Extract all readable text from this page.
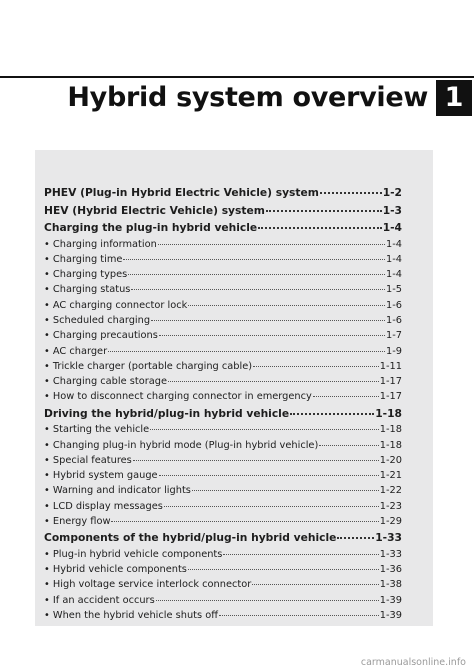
Hybrid system overview 1
PHEV (Plug-in Hybrid Electric Vehicle) system	1-2
HEV (Hybrid Electric Vehicle) system	1-3
Charging the plug-in hybrid vehicle	1-4
• Charging information	1-4
• Charging time	1-4
• Charging types	1-4
• Charging status	1-5
• AC charging connector lock	1-6
• Scheduled charging	1-6
• Charging precautions	1-7
• AC charger	1-9
• Trickle charger (portable charging cable)	1-11
• Charging cable storage	1-17
• How to disconnect charging connector in emergency	1-17
Driving the hybrid/plug-in hybrid vehicle	1-18
• Starting the vehicle	1-18
• Changing plug-in hybrid mode (Plug-in hybrid vehicle)	1-18
• Special features	1-20
• Hybrid system gauge	1-21
• Warning and indicator lights	1-22
• LCD display messages	1-23
• Energy flow	1-29
Components of the hybrid/plug-in hybrid vehicle	1-33
• Plug-in hybrid vehicle components	1-33
• Hybrid vehicle components	1-36
• High voltage service interlock connector	1-38
• If an accident occurs	1-39
• When the hybrid vehicle shuts off	1-39
carmanualsonline.info
